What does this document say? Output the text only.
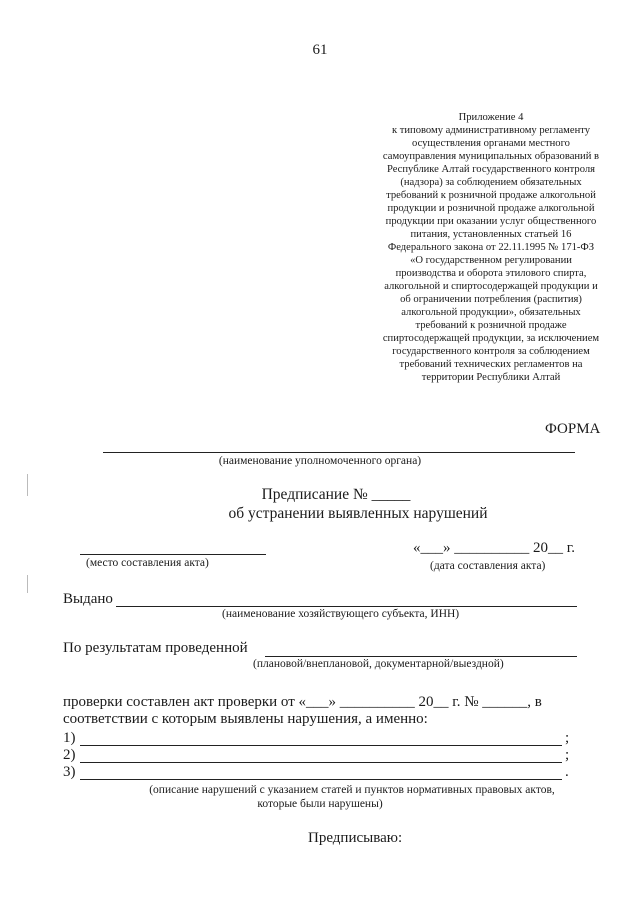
61
Приложение 4
к типовому административному регламенту
осуществления органами местного
самоуправления муниципальных образований в
Республике Алтай государственного контроля
(надзора) за соблюдением обязательных
требований к розничной продаже алкогольной
продукции и розничной продаже алкогольной
продукции при оказании услуг общественного
питания, установленных статьей 16
Федерального закона от 22.11.1995 № 171-ФЗ
«О государственном регулировании
производства и оборота этилового спирта,
алкогольной и спиртосодержащей продукции и
об ограничении потребления (распития)
алкогольной продукции», обязательных
требований к розничной продаже
спиртосодержащей продукции, за исключением
государственного контроля за соблюдением
требований технических регламентов на
территории Республики Алтай
ФОРМА
(наименование уполномоченного органа)
Предписание № _____
об устранении выявленных нарушений
(место составления акта)
«___» __________ 20__ г.
(дата составления акта)
Выдано
(наименование хозяйствующего субъекта, ИНН)
По результатам проведенной
(плановой/внеплановой, документарной/выездной)
проверки составлен акт проверки от «___» __________ 20__ г. № ______, в
соответствии с которым выявлены нарушения, а именно:
1)	;
2)	;
3)	.
(описание нарушений с указанием статей и пунктов нормативных правовых актов,
которые были нарушены)
Предписываю:
